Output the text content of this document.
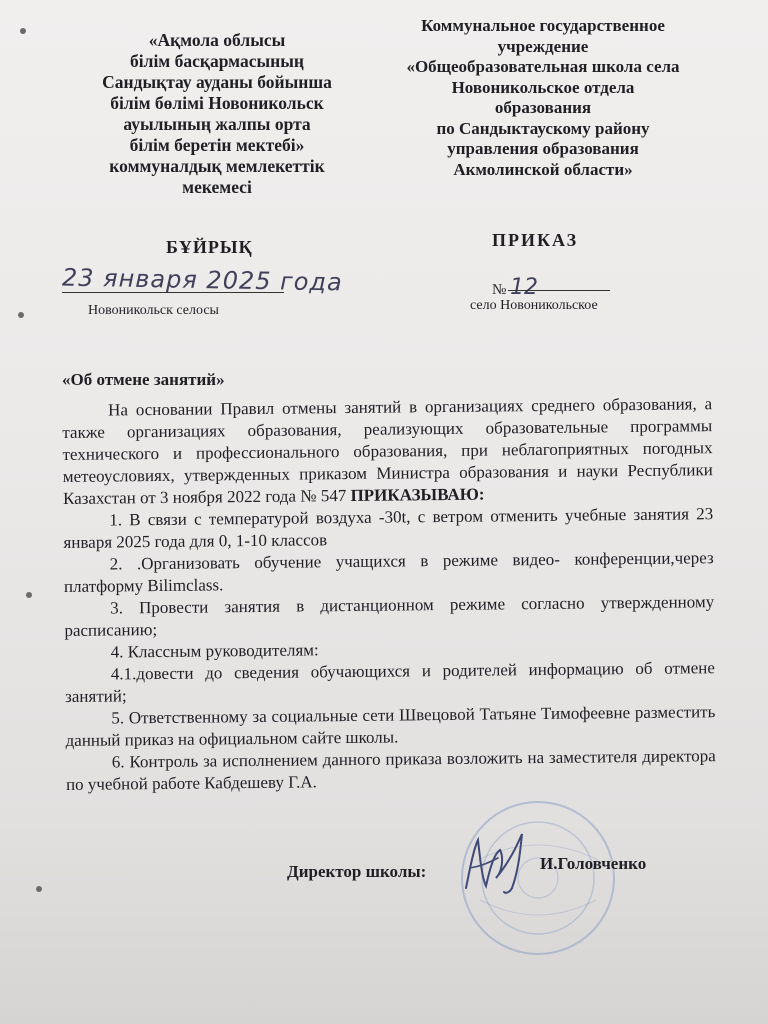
«Ақмола облысы
білім басқармасының
Сандықтау ауданы бойынша
білім бөлімі Новоникольск
ауылының жалпы орта
білім беретін мектебі»
коммуналдық мемлекеттік
мекемесі
Коммунальное государственное
учреждение
«Общеобразовательная школа села
Новоникольское отдела
образования
по Сандыктаускому району
управления образования
Акмолинской области»
БҰЙРЫҚ	ПРИКАЗ
23 января 2025 года
Новоникольск селосы
№ 12
село Новоникольское
«Об отмене занятий»

На основании Правил отмены занятий в организациях среднего образования, а также организациях образования, реализующих образовательные программы технического и профессионального образования, при неблагоприятных погодных метеоусловиях, утвержденных приказом Министра образования и науки Республики Казахстан от 3 ноября 2022 года № 547 ПРИКАЗЫВАЮ:

1. В связи с температурой воздуха -30t, с ветром отменить учебные занятия 23 января 2025 года для 0, 1-10 классов

2. .Организовать обучение учащихся в режиме видео- конференции,через платформу Bilimclass.

3. Провести занятия в дистанционном режиме согласно утвержденному расписанию;

4. Классным руководителям:

4.1.довести до сведения обучающихся и родителей информацию об отмене занятий;

5. Ответственному за социальные сети Швецовой Татьяне Тимофеевне разместить данный приказ на официальном сайте школы.

6. Контроль за исполнением данного приказа возложить на заместителя директора по учебной работе Кабдешеву Г.А.

Директор школы:	И.Головченко
